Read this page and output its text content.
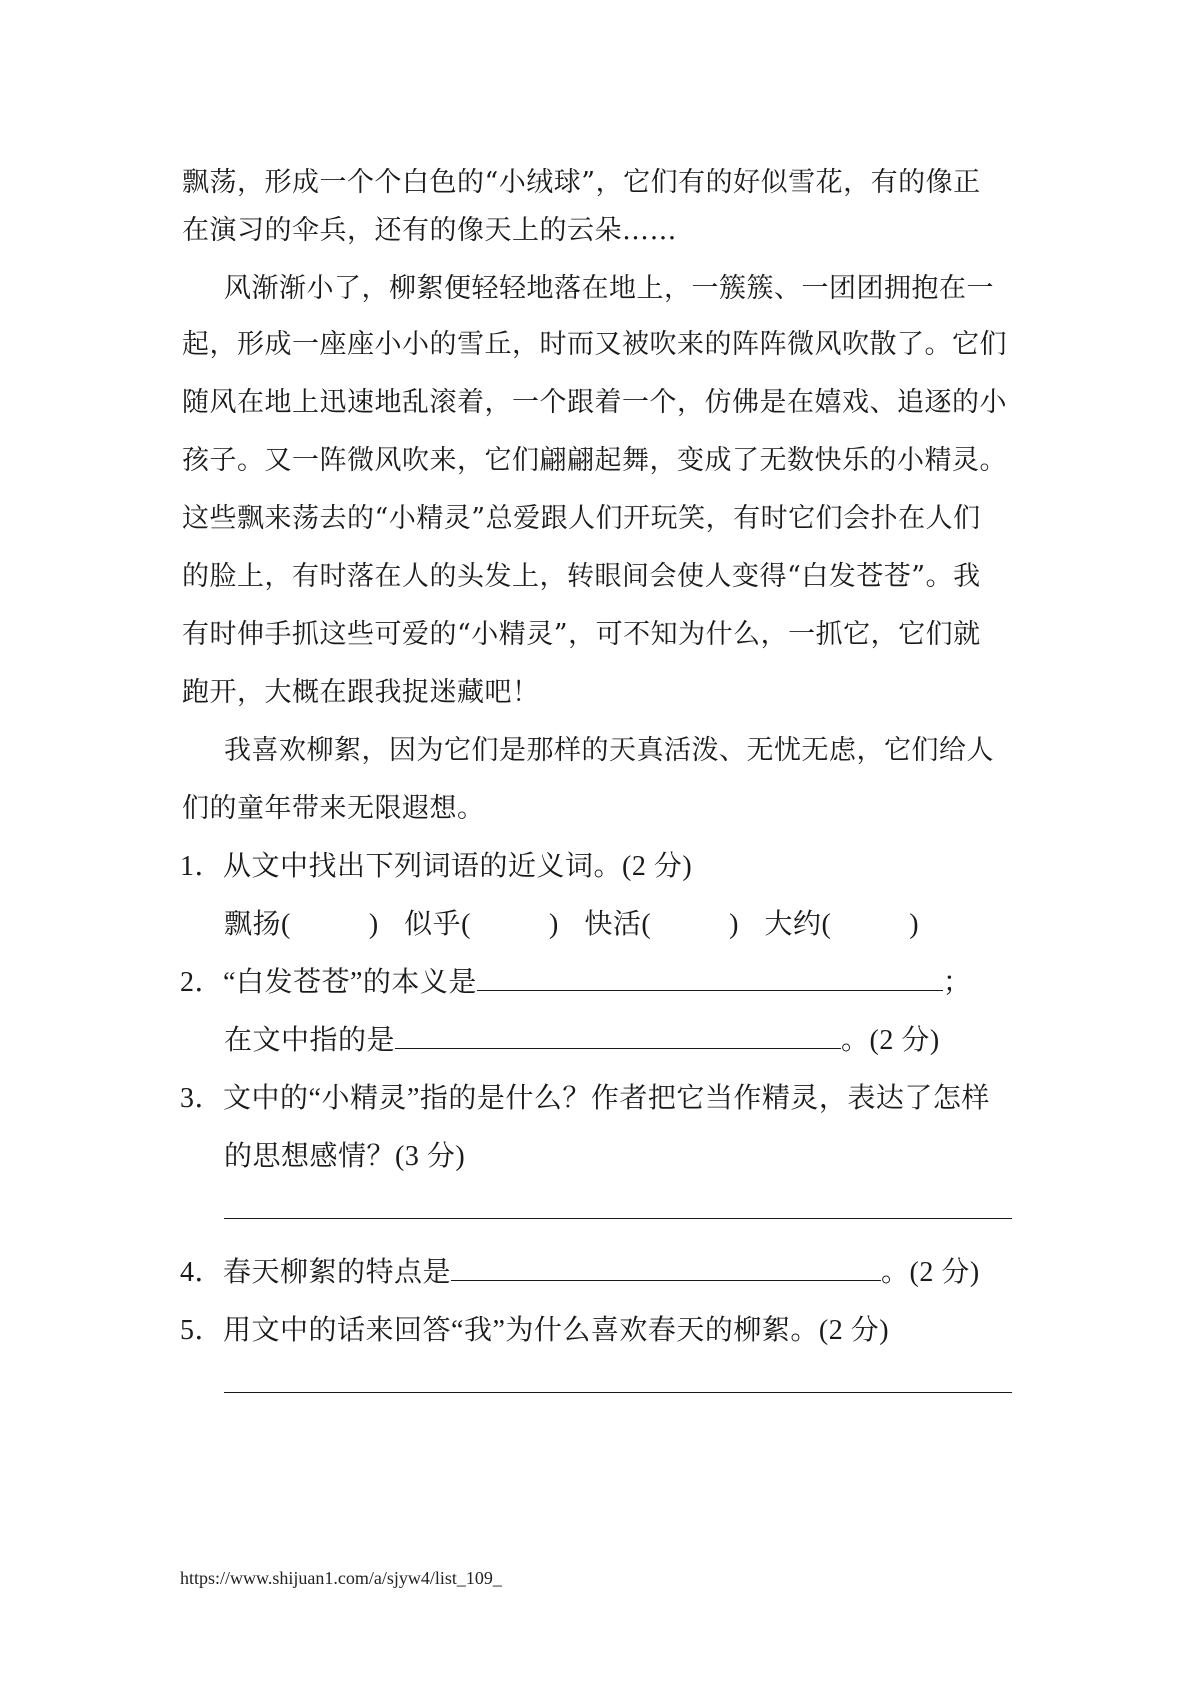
飘荡，形成一个个白色的“小绒球”，它们有的好似雪花，有的像正
在演习的伞兵，还有的像天上的云朵……
风渐渐小了，柳絮便轻轻地落在地上，一簇簇、一团团拥抱在一
起，形成一座座小小的雪丘，时而又被吹来的阵阵微风吹散了。它们
随风在地上迅速地乱滚着，一个跟着一个，仿佛是在嬉戏、追逐的小
孩子。又一阵微风吹来，它们翩翩起舞，变成了无数快乐的小精灵。
这些飘来荡去的“小精灵”总爱跟人们开玩笑，有时它们会扑在人们
的脸上，有时落在人的头发上，转眼间会使人变得“白发苍苍”。我
有时伸手抓这些可爱的“小精灵”，可不知为什么，一抓它，它们就
跑开，大概在跟我捉迷藏吧！
我喜欢柳絮，因为它们是那样的天真活泼、无忧无虑，它们给人
们的童年带来无限遐想。
1．从文中找出下列词语的近义词。(2 分)
飘扬(	) 似乎(	) 快活(	) 大约(	)
2．“白发苍苍”的本义是	；
在文中指的是	。(2 分)
3．文中的“小精灵”指的是什么？作者把它当作精灵，表达了怎样
的思想感情？(3 分)
4．春天柳絮的特点是	。(2 分)
5．用文中的话来回答“我”为什么喜欢春天的柳絮。(2 分)
https://www.shijuan1.com/a/sjyw4/list_109_
